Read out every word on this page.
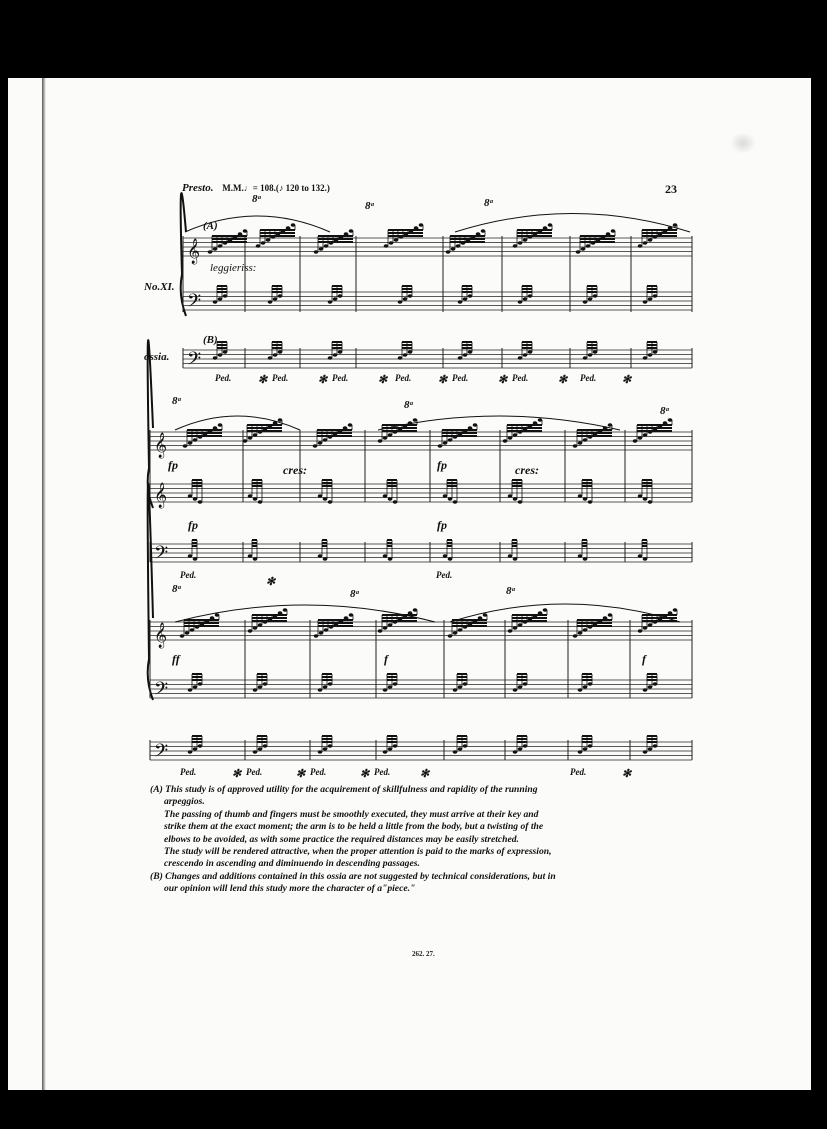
Presto. M.M.♩= 108.(♪ 120 to 132.)	23
𝄞
𝄢
𝄢
𝄞
𝄞
𝄢
𝄞
𝄢
𝄢
(A)
No.XI.
leggieriss:
(B)
ossia.
fp
fp
fp
fp
cres:	cres:
ff	f	f
8ᵃ
8ᵃ	8ᵃ
8ᵃ	8ᵃ	8ᵃ
8ᵃ	8ᵃ	8ᵃ
Ped. ✻ Ped.	✻ Ped.	✻ Ped. ✻ Ped.	✻ Ped.	✻ Ped. ✻
Ped.
✻
Ped.
Ped.	✻ Ped.	✻ Ped.	✻ Ped.	✻	Ped.	✻

(A) This study is of approved utility for the acquirement of skillfulness and rapidity of the running

arpeggios.

The passing of thumb and fingers must be smoothly executed, they must arrive at their key and

strike them at the exact moment; the arm is to be held a little from the body, but a twisting of the

elbows to be avoided, as with some practice the required distances may be easily stretched.

The study will be rendered attractive, when the proper attention is paid to the marks of expression,

crescendo in ascending and diminuendo in descending passages.

(B) Changes and additions contained in this ossia are not suggested by technical considerations, but in

our opinion will lend this study more the character of a"piece."

262. 27.
